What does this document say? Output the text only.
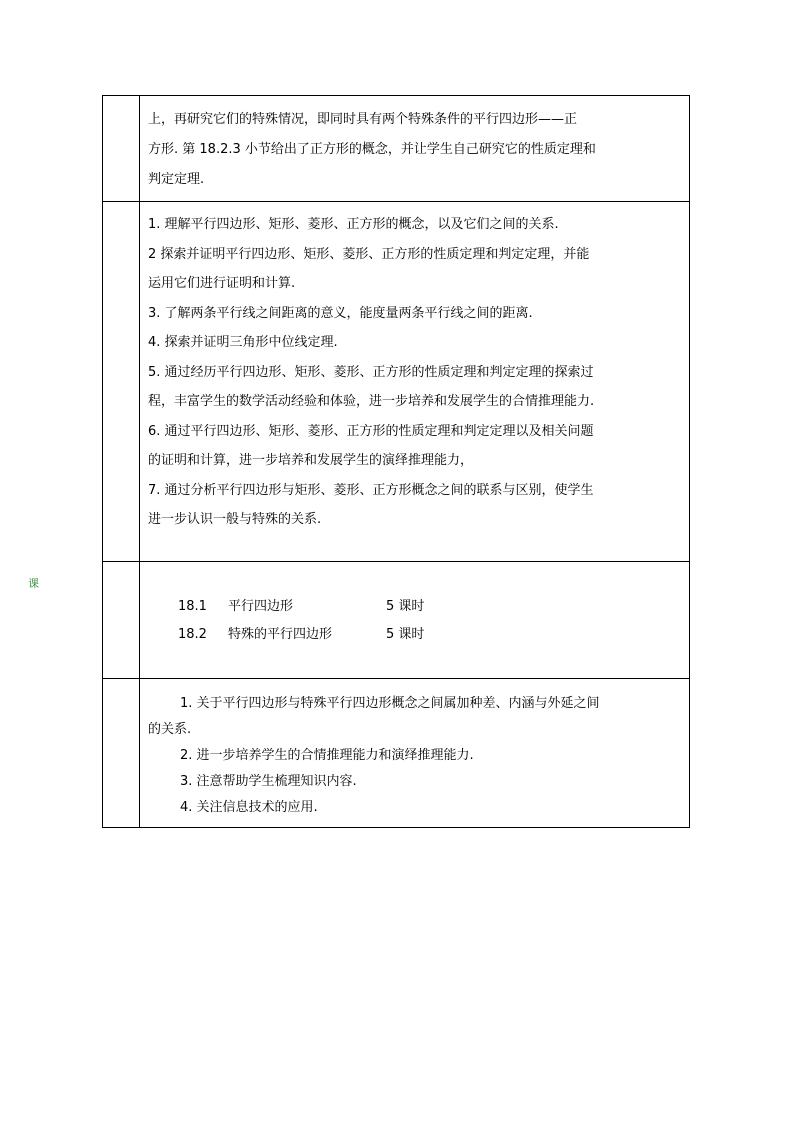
上，再研究它们的特殊情况，即同时具有两个特殊条件的平行四边形——正

方形. 第 18.2.3 小节给出了正方形的概念，并让学生自己研究它的性质定理和

判定定理.

1. 理解平行四边形、矩形、菱形、正方形的概念，以及它们之间的关系.

2 探索并证明平行四边形、矩形、菱形、正方形的性质定理和判定定理，并能

运用它们进行证明和计算.

3. 了解两条平行线之间距离的意义，能度量两条平行线之间的距离.

4. 探索并证明三角形中位线定理.

5. 通过经历平行四边形、矩形、菱形、正方形的性质定理和判定定理的探索过

程，丰富学生的数学活动经验和体验，进一步培养和发展学生的合情推理能力.

6. 通过平行四边形、矩形、菱形、正方形的性质定理和判定定理以及相关问题

的证明和计算，进一步培养和发展学生的演绎推理能力，

7. 通过分析平行四边形与矩形、菱形、正方形概念之间的联系与区别，使学生

进一步认识一般与特殊的关系.

18.1	平行四边形	5 课时
18.2	特殊的平行四边形	5 课时

1. 关于平行四边形与特殊平行四边形概念之间属加种差、内涵与外延之间

的关系.

2. 进一步培养学生的合情推理能力和演绎推理能力.

3. 注意帮助学生梳理知识内容.

4. 关注信息技术的应用.

课
